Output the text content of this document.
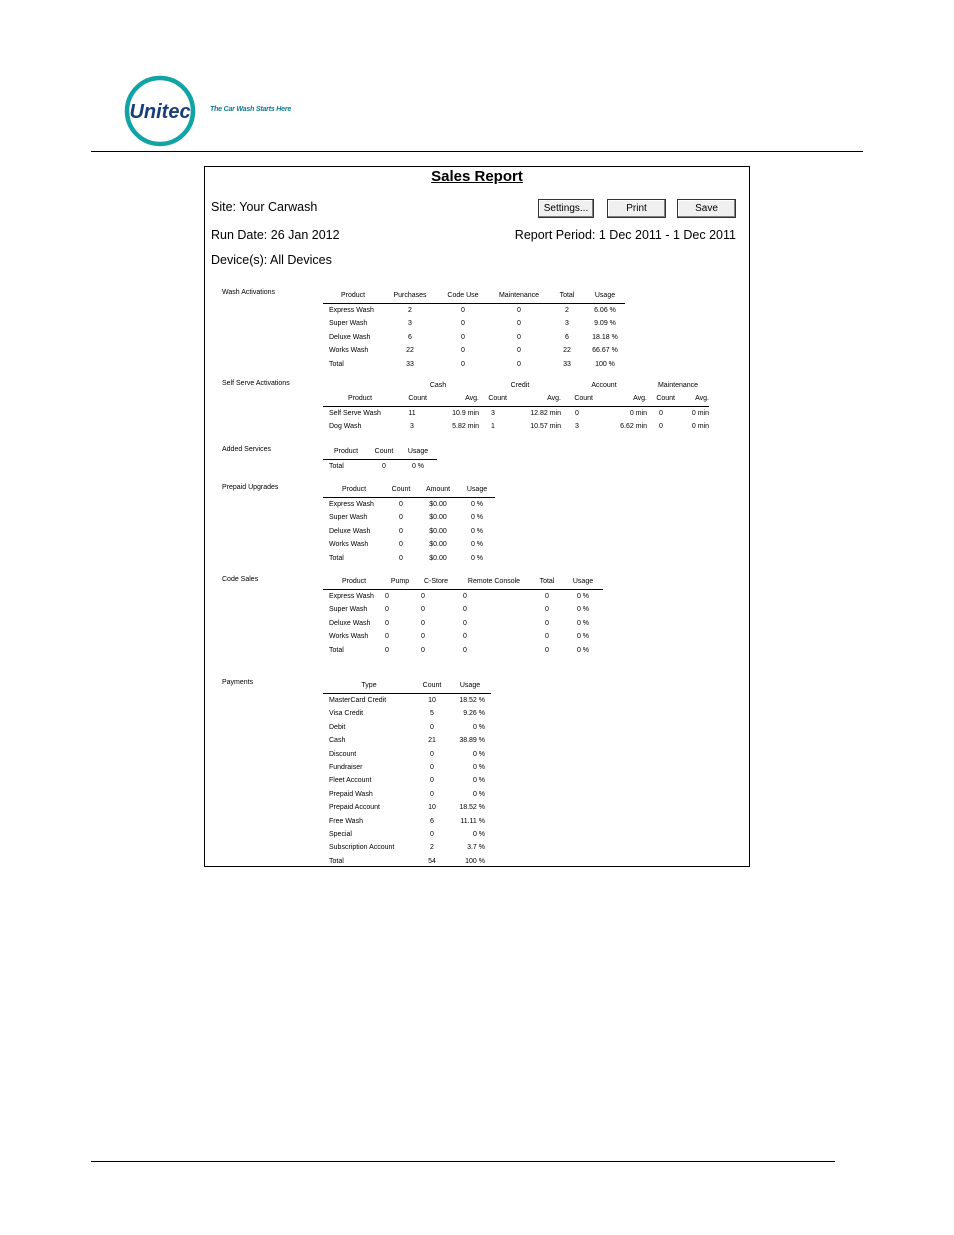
Unitec	The Car Wash Starts Here
Sales Report
Site: Your Carwash	Settings...	Print	Save
Run Date: 26 Jan 2012	Report Period: 1 Dec 2011 - 1 Dec 2011
Device(s): All Devices
Wash Activations
Self Serve Activations
Added Services
Prepaid Upgrades
Code Sales
Payments
Product	Purchases	Code Use	Maintenance	Total	Usage
Express Wash	2	0	0	2	6.06 %
Super Wash	3	0	0	3	9.09 %
Deluxe Wash	6	0	0	6	18.18 %
Works Wash	22	0	0	22	66.67 %
Total	33	0	0	33	100 %
	Cash		Credit		Account		Maintenance	
Product	Count	Avg.	Count	Avg.	Count	Avg.	Count	Avg.
Self Serve Wash	11	10.9 min	3	12.82 min	0	0 min	0	0 min
Dog Wash	3	5.82 min	1	10.57 min	3	6.62 min	0	0 min
Product	Count	Usage
Total	0	0 %
Product	Count	Amount	Usage
Express Wash	0	$0.00	0 %
Super Wash	0	$0.00	0 %
Deluxe Wash	0	$0.00	0 %
Works Wash	0	$0.00	0 %
Total	0	$0.00	0 %
Product	Pump	C-Store	Remote Console	Total	Usage
Express Wash	0	0	0	0	0 %
Super Wash	0	0	0	0	0 %
Deluxe Wash	0	0	0	0	0 %
Works Wash	0	0	0	0	0 %
Total	0	0	0	0	0 %
Type	Count	Usage
MasterCard Credit	10	18.52 %
Visa Credit	5	9.26 %
Debit	0	0 %
Cash	21	38.89 %
Discount	0	0 %
Fundraiser	0	0 %
Fleet Account	0	0 %
Prepaid Wash	0	0 %
Prepaid Account	10	18.52 %
Free Wash	6	11.11 %
Special	0	0 %
Subscription Account	2	3.7 %
Total	54	100 %
